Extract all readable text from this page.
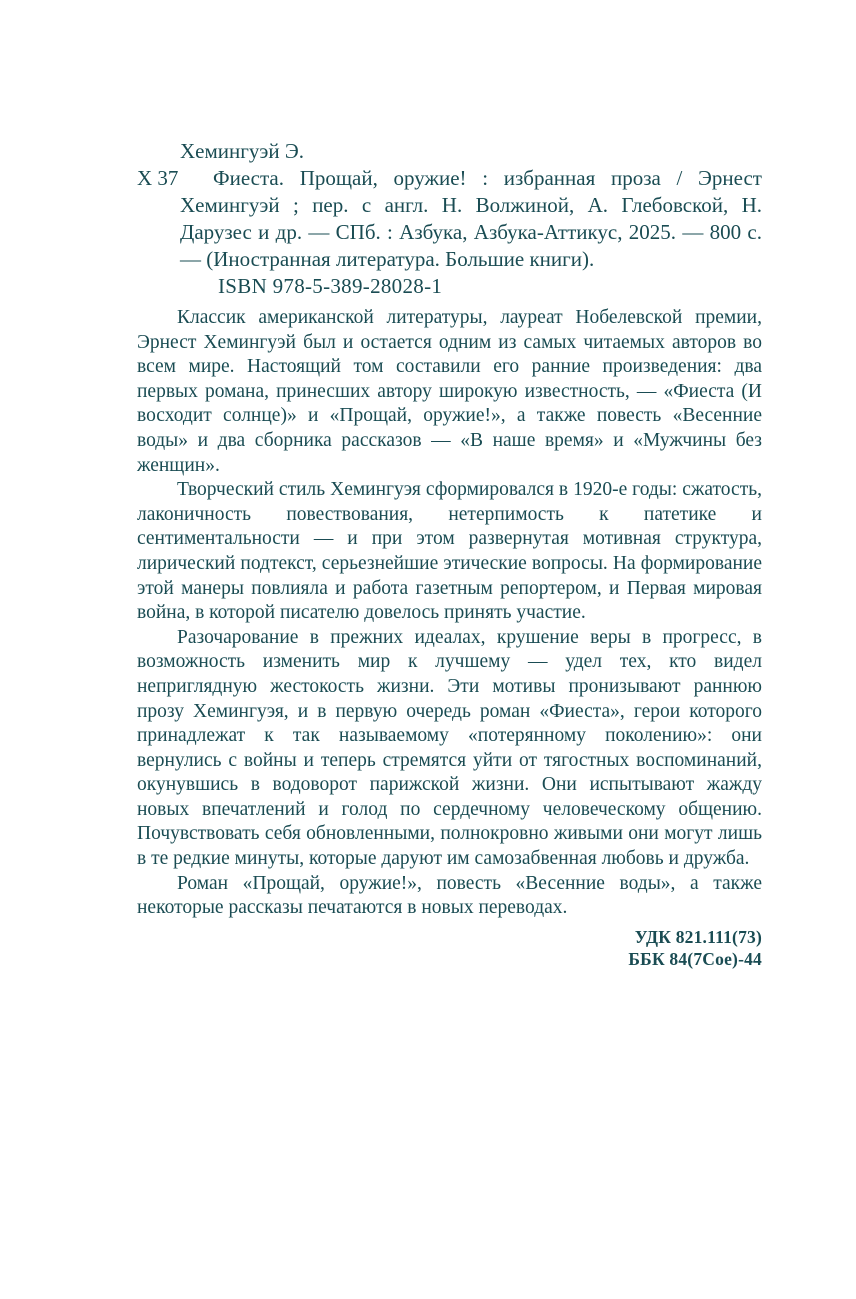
Хемингуэй Э.
Х 37	Фиеста. Прощай, оружие! : избранная проза / Эрнест Хемингуэй ; пер. с англ. Н. Волжиной, А. Глебовской, Н. Дарузес и др. — СПб. : Азбука, Азбука-Аттикус, 2025. — 800 с. — (Иностранная литература. Большие книги).

ISBN 978-5-389-28028-1

Классик американской литературы, лауреат Нобелевской премии, Эрнест Хемингуэй был и остается одним из самых читаемых авторов во всем мире. Настоящий том составили его ранние произведения: два первых романа, принесших автору широкую известность, — «Фиеста (И восходит солнце)» и «Прощай, оружие!», а также повесть «Весенние воды» и два сборника рассказов — «В наше время» и «Мужчины без женщин».

Творческий стиль Хемингуэя сформировался в 1920-е годы: сжатость, лаконичность повествования, нетерпимость к патетике и сентиментальности — и при этом развернутая мотивная структура, лирический подтекст, серьезнейшие этические вопросы. На формирование этой манеры повлияла и работа газетным репортером, и Первая мировая война, в которой писателю довелось принять участие.

Разочарование в прежних идеалах, крушение веры в прогресс, в возможность изменить мир к лучшему — удел тех, кто видел неприглядную жестокость жизни. Эти мотивы пронизывают раннюю прозу Хемингуэя, и в первую очередь роман «Фиеста», герои которого принадлежат к так называемому «потерянному поколению»: они вернулись с войны и теперь стремятся уйти от тягостных воспоминаний, окунувшись в водоворот парижской жизни. Они испытывают жажду новых впечатлений и голод по сердечному человеческому общению. Почувствовать себя обновленными, полнокровно живыми они могут лишь в те редкие минуты, которые даруют им самозабвенная любовь и дружба.

Роман «Прощай, оружие!», повесть «Весенние воды», а также некоторые рассказы печатаются в новых переводах.

УДК 821.111(73)
ББК 84(7Сое)-44
